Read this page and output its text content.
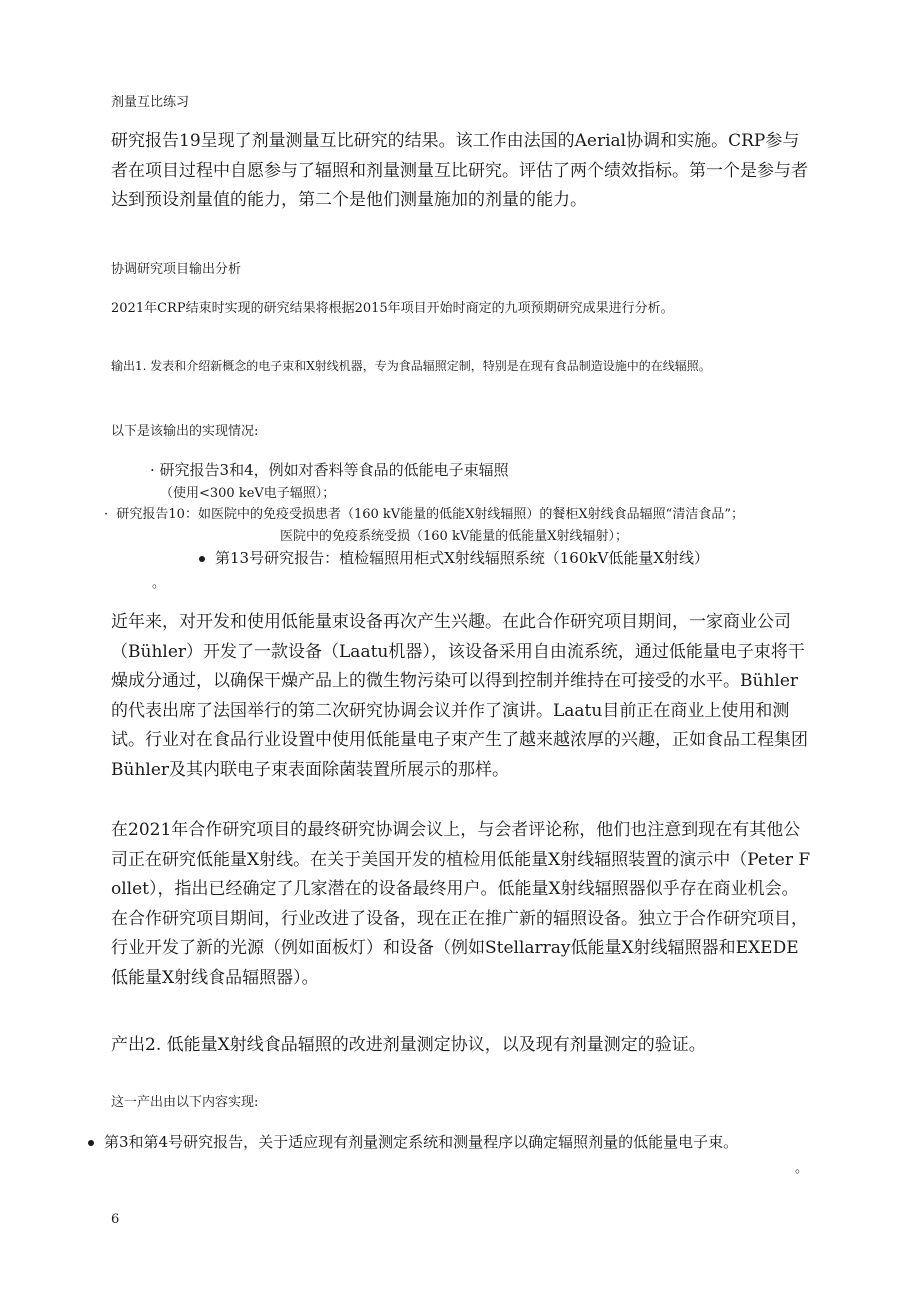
剂量互比练习
研究报告19呈现了剂量测量互比研究的结果。该工作由法国的Aerial协调和实施。CRP参与者在项目过程中自愿参与了辐照和剂量测量互比研究。评估了两个绩效指标。第一个是参与者达到预设剂量值的能力，第二个是他们测量施加的剂量的能力。
协调研究项目输出分析
2021年CRP结束时实现的研究结果将根据2015年项目开始时商定的九项预期研究成果进行分析。
输出1. 发表和介绍新概念的电子束和X射线机器，专为食品辐照定制，特别是在现有食品制造设施中的在线辐照。
以下是该输出的实现情况:
· 研究报告3和4，例如对香料等食品的低能电子束辐照
（使用<300 keV电子辐照）；
·  研究报告10：如医院中的免疫受损患者（160 kV能量的低能X射线辐照）的餐柜X射线食品辐照“清洁食品”；
医院中的免疫系统受损（160 kV能量的低能量X射线辐射）；
第13号研究报告：植检辐照用柜式X射线辐照系统（160kV低能量X射线）
。
近年来，对开发和使用低能量束设备再次产生兴趣。在此合作研究项目期间，一家商业公司（Bühler）开发了一款设备（Laatu机器），该设备采用自由流系统，通过低能量电子束将干燥成分通过，以确保干燥产品上的微生物污染可以得到控制并维持在可接受的水平。Bühler的代表出席了法国举行的第二次研究协调会议并作了演讲。Laatu目前正在商业上使用和测试。行业对在食品行业设置中使用低能量电子束产生了越来越浓厚的兴趣，正如食品工程集团Bühler及其内联电子束表面除菌装置所展示的那样。
在2021年合作研究项目的最终研究协调会议上，与会者评论称，他们也注意到现在有其他公司正在研究低能量X射线。在关于美国开发的植检用低能量X射线辐照装置的演示中（Peter Follet），指出已经确定了几家潜在的设备最终用户。低能量X射线辐照器似乎存在商业机会。在合作研究项目期间，行业改进了设备，现在正在推广新的辐照设备。独立于合作研究项目，行业开发了新的光源（例如面板灯）和设备（例如Stellarray低能量X射线辐照器和EXEDE低能量X射线食品辐照器）。
产出2. 低能量X射线食品辐照的改进剂量测定协议，以及现有剂量测定的验证。
这一产出由以下内容实现:
第3和第4号研究报告，关于适应现有剂量测定系统和测量程序以确定辐照剂量的低能量电子束。
。
6
